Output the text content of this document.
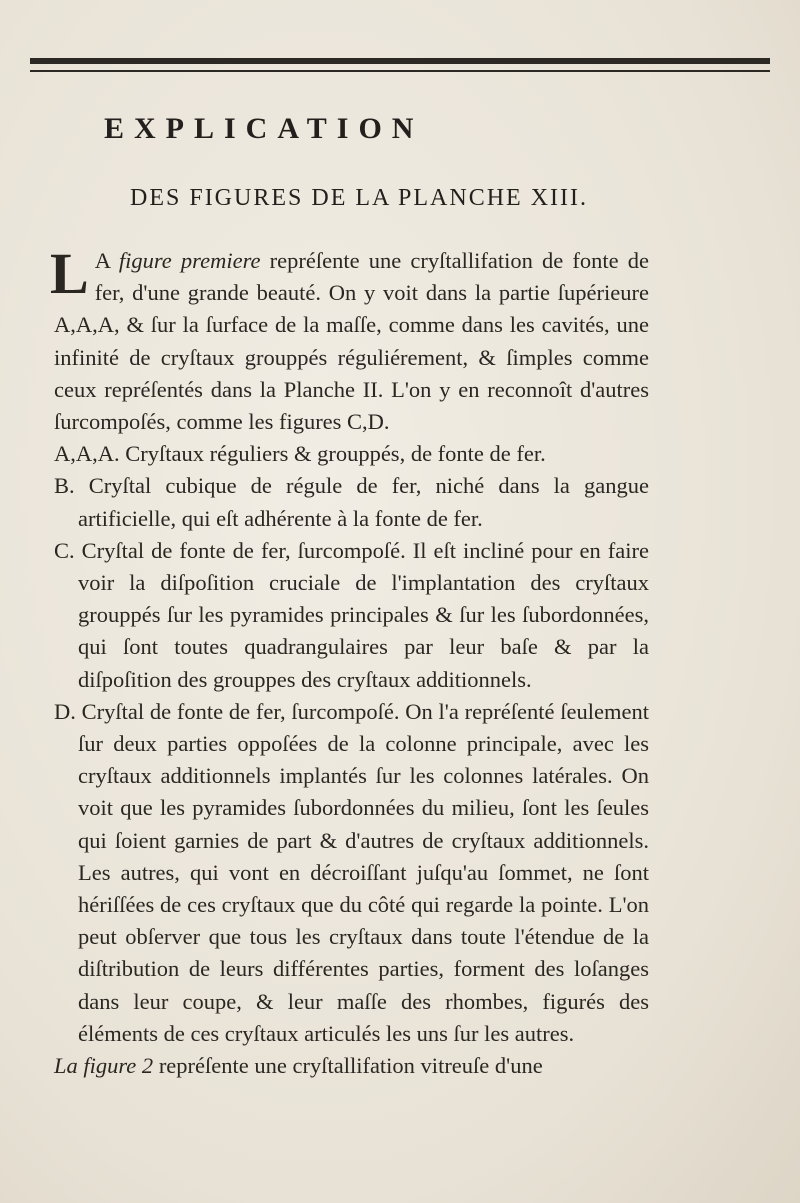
EXPLICATION
DES FIGURES DE LA PLANCHE XIII.

L A figure premiere repréſente une cryſtallifation de fonte de fer, d'une grande beauté. On y voit dans la partie ſupérieure A,A,A, & ſur la ſurface de la maſſe, comme dans les cavités, une infinité de cryſtaux grouppés réguliérement, & ſimples comme ceux repréſentés dans la Planche II. L'on y en reconnoît d'autres ſurcompoſés, comme les figures C,D.

A,A,A. Cryſtaux réguliers & grouppés, de fonte de fer.

B. Cryſtal cubique de régule de fer, niché dans la gangue artificielle, qui eſt adhérente à la fonte de fer.

C. Cryſtal de fonte de fer, ſurcompoſé. Il eſt incliné pour en faire voir la diſpoſition cruciale de l'implantation des cryſtaux grouppés ſur les pyramides principales & ſur les ſubordonnées, qui ſont toutes quadrangulaires par leur baſe & par la diſpoſition des grouppes des cryſtaux additionnels.

D. Cryſtal de fonte de fer, ſurcompoſé. On l'a repréſenté ſeulement ſur deux parties oppoſées de la colonne principale, avec les cryſtaux additionnels implantés ſur les colonnes latérales. On voit que les pyramides ſubordonnées du milieu, ſont les ſeules qui ſoient garnies de part & d'autres de cryſtaux additionnels. Les autres, qui vont en décroiſſant juſqu'au ſommet, ne ſont hériſſées de ces cryſtaux que du côté qui regarde la pointe. L'on peut obſerver que tous les cryſtaux dans toute l'étendue de la diſtribution de leurs différentes parties, forment des loſanges dans leur coupe, & leur maſſe des rhombes, figurés des éléments de ces cryſtaux articulés les uns ſur les autres.

La figure 2 repréſente une cryſtallifation vitreuſe d'une
